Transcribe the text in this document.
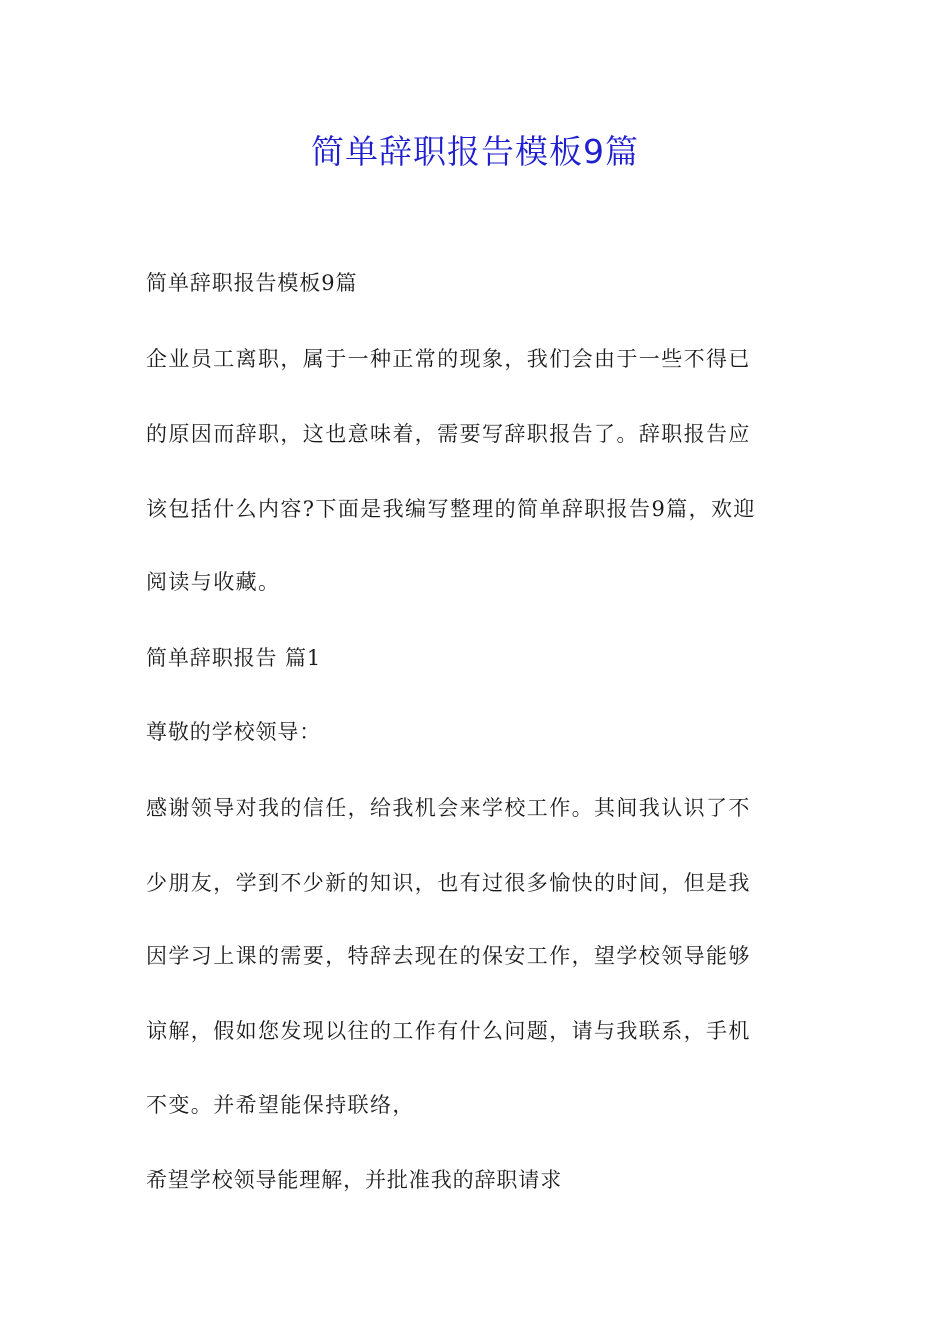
简单辞职报告模板9篇
简单辞职报告模板9篇
企业员工离职，属于一种正常的现象，我们会由于一些不得已
的原因而辞职，这也意味着，需要写辞职报告了。辞职报告应
该包括什么内容?下面是我编写整理的简单辞职报告9篇，欢迎
阅读与收藏。
简单辞职报告 篇1
尊敬的学校领导：
感谢领导对我的信任，给我机会来学校工作。其间我认识了不
少朋友，学到不少新的知识，也有过很多愉快的时间，但是我
因学习上课的需要，特辞去现在的保安工作，望学校领导能够
谅解，假如您发现以往的工作有什么问题，请与我联系，手机
不变。并希望能保持联络，
希望学校领导能理解，并批准我的辞职请求
